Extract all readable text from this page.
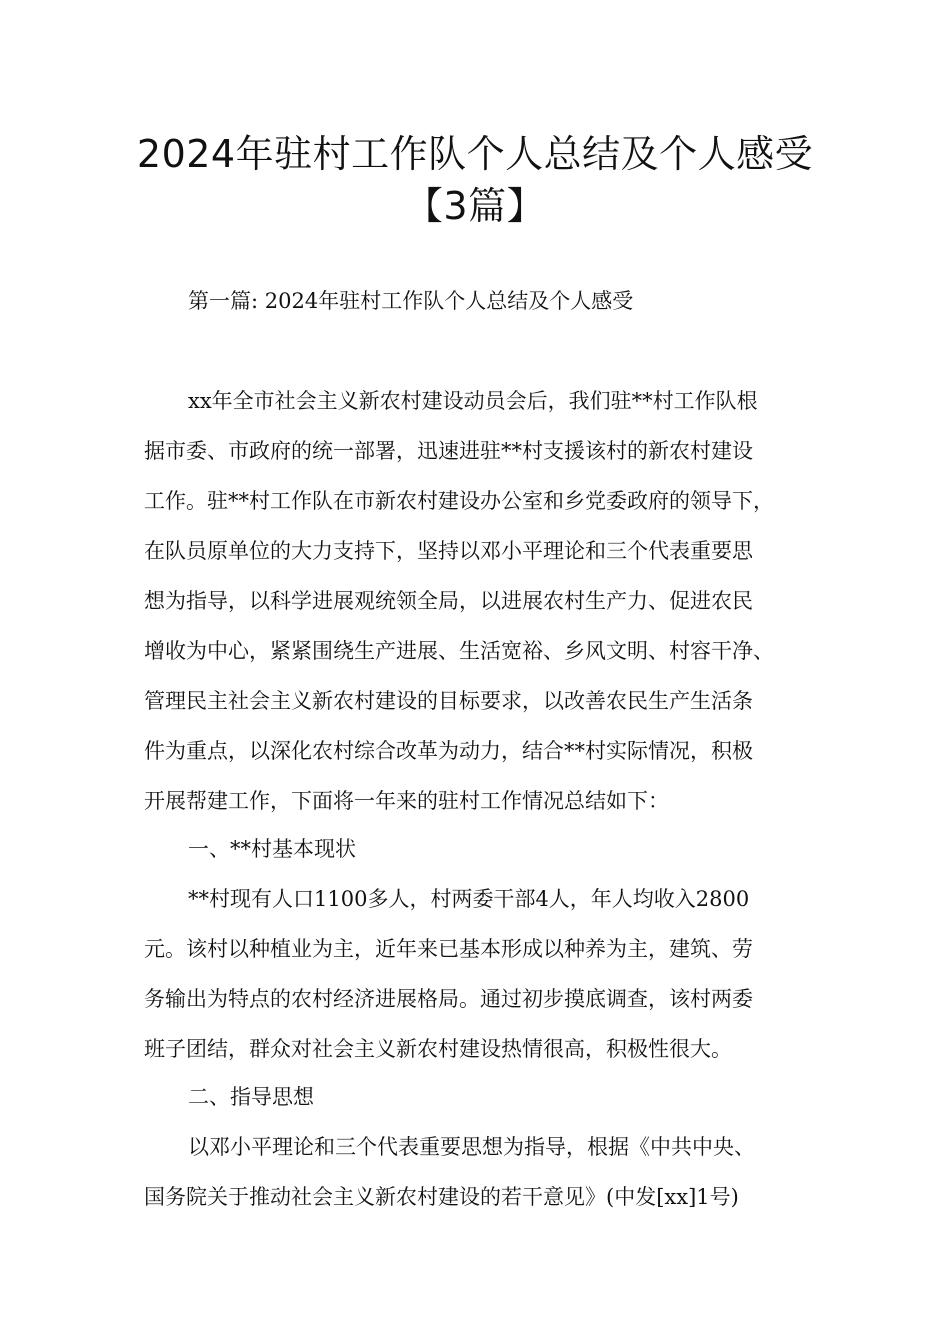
2024年驻村工作队个人总结及个人感受
【3篇】
第一篇: 2024年驻村工作队个人总结及个人感受
xx年全市社会主义新农村建设动员会后，我们驻**村工作队根
据市委、市政府的统一部署，迅速进驻**村支援该村的新农村建设
工作。驻**村工作队在市新农村建设办公室和乡党委政府的领导下，
在队员原单位的大力支持下，坚持以邓小平理论和三个代表重要思
想为指导，以科学进展观统领全局，以进展农村生产力、促进农民
增收为中心，紧紧围绕生产进展、生活宽裕、乡风文明、村容干净、
管理民主社会主义新农村建设的目标要求，以改善农民生产生活条
件为重点，以深化农村综合改革为动力，结合**村实际情况，积极
开展帮建工作，下面将一年来的驻村工作情况总结如下：
一、**村基本现状
**村现有人口1100多人，村两委干部4人，年人均收入2800
元。该村以种植业为主，近年来已基本形成以种养为主，建筑、劳
务输出为特点的农村经济进展格局。通过初步摸底调查，该村两委
班子团结，群众对社会主义新农村建设热情很高，积极性很大。
二、指导思想
以邓小平理论和三个代表重要思想为指导，根据《中共中央、
国务院关于推动社会主义新农村建设的若干意见》(中发[xx]1号)
